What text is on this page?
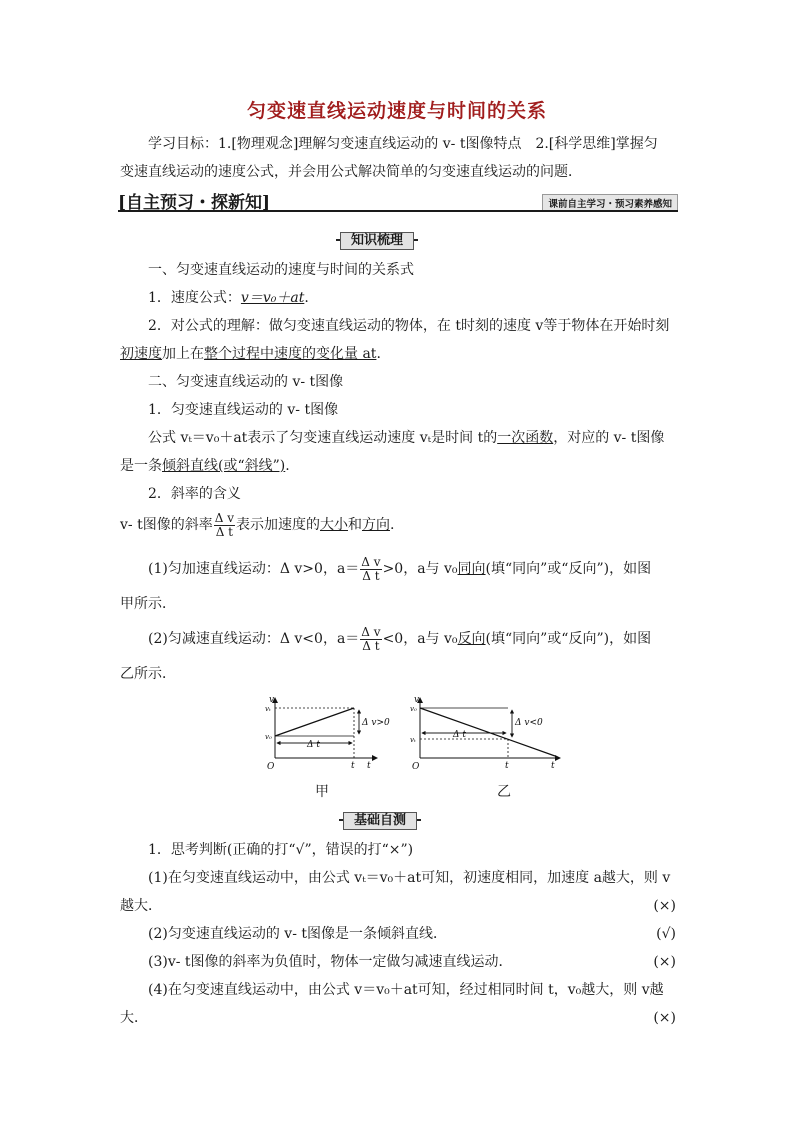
匀变速直线运动速度与时间的关系
学习目标：1.[物理观念]理解匀变速直线运动的 v- t图像特点　2.[科学思维]掌握匀
变速直线运动的速度公式，并会用公式解决简单的匀变速直线运动的问题．
[自主预习・探新知]	课前自主学习・预习素养感知
知识梳理
一、匀变速直线运动的速度与时间的关系式
1．速度公式：v＝v₀＋at.
2．对公式的理解：做匀变速直线运动的物体，在 t时刻的速度 v等于物体在开始时刻
初速度加上在整个过程中速度的变化量 at.
二、匀变速直线运动的 v- t图像
1．匀变速直线运动的 v- t图像
公式 vₜ＝v₀＋at表示了匀变速直线运动速度 vₜ是时间 t的一次函数，对应的 v- t图像
是一条倾斜直线(或“斜线”).
2．斜率的含义
v- t图像的斜率 $\frac{\text{Δ v}}{\text{Δ t}}$ 表示加速度的大小和方向.
(1)匀加速直线运动：Δ v>0，$a= \frac{\text{Δ v}}{\text{Δ t}} >0$，a与 v₀同向(填“同向”或“反向”)，如图
甲所示．
(2)匀减速直线运动：Δ v<0，$a= \frac{\text{Δ v}}{\text{Δ t}} <0$，a与 v₀反向(填“同向”或“反向”)，如图
乙所示．
v
vₜ
v₀
O	t t
Δ t
Δ v>0
v
v₀
vₜ
O	t	t
Δ t
Δ v<0
甲	乙
基础自测
1．思考判断(正确的打“√”，错误的打“×”)
(1)在匀变速直线运动中，由公式 vₜ＝v₀＋at可知，初速度相同，加速度 a越大，则 v
越大．	(×)
(2)匀变速直线运动的 v- t图像是一条倾斜直线．	(√)
(3)v- t图像的斜率为负值时，物体一定做匀减速直线运动．	(×)
(4)在匀变速直线运动中，由公式 v＝v₀＋at可知，经过相同时间 t，v₀越大，则 v越
大．	(×)
